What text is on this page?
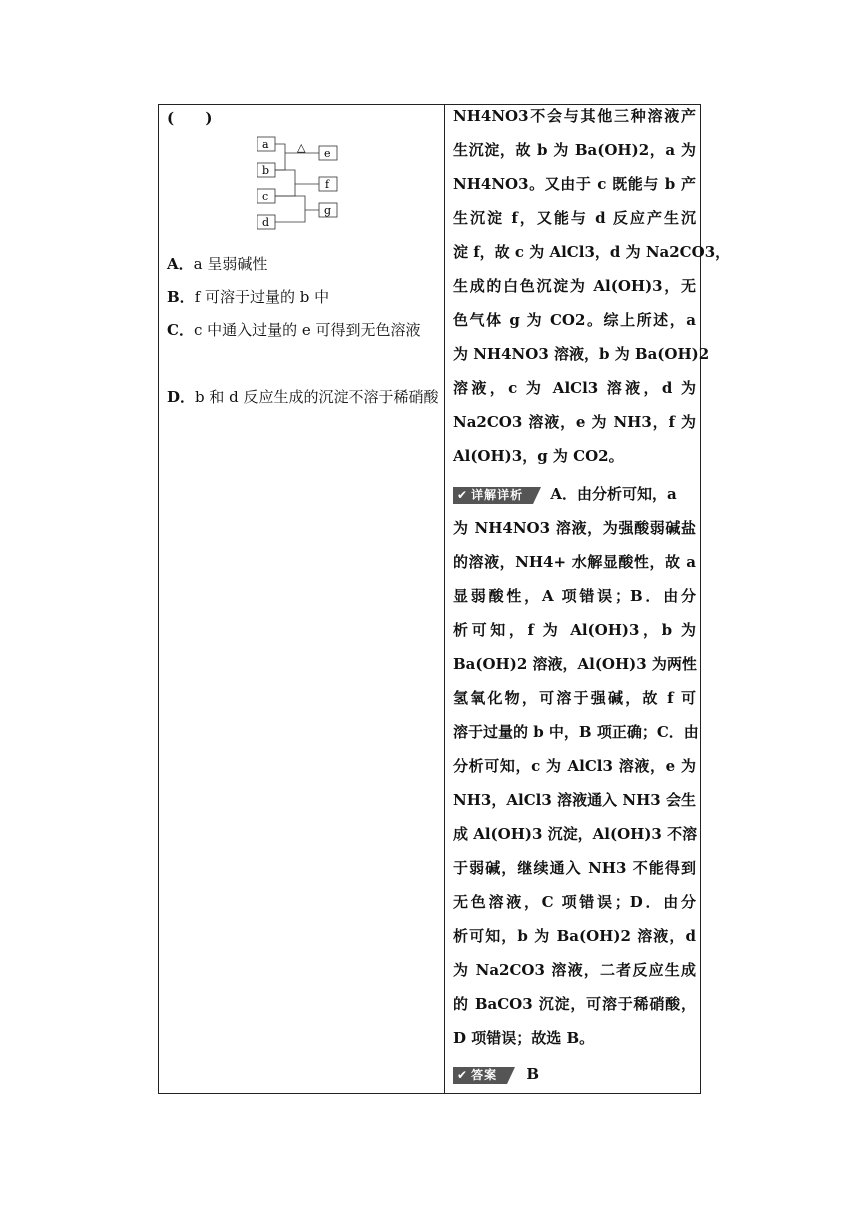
(      )
a
b
c
d
e
f
g
△
A．a 呈弱碱性
B．f 可溶于过量的 b 中
C．c 中通入过量的 e 可得到无色溶液
D．b 和 d 反应生成的沉淀不溶于稀硝酸
NH4NO3不会与其他三种溶液产
生沉淀，故 b 为 Ba(OH)2，a 为
NH4NO3。又由于 c 既能与 b 产
生沉淀 f，又能与 d 反应产生沉
淀 f，故 c 为 AlCl3，d 为 Na2CO3，
生成的白色沉淀为 Al(OH)3，无
色气体 g 为 CO2。综上所述，a
为 NH4NO3 溶液，b 为 Ba(OH)2
溶液，c 为 AlCl3 溶液，d 为
Na2CO3 溶液，e 为 NH3，f 为
Al(OH)3，g 为 CO2。
✔ 详解详析 A．由分析可知，a
为 NH4NO3 溶液，为强酸弱碱盐
的溶液，NH4+ 水解显酸性，故 a
显弱酸性，A 项错误；B．由分
析可知，f 为 Al(OH)3，b 为
Ba(OH)2 溶液，Al(OH)3 为两性
氢氧化物，可溶于强碱，故 f 可
溶于过量的 b 中，B 项正确；C．由
分析可知，c 为 AlCl3 溶液，e 为
NH3，AlCl3 溶液通入 NH3 会生
成 Al(OH)3 沉淀，Al(OH)3 不溶
于弱碱，继续通入 NH3 不能得到
无色溶液，C 项错误；D．由分
析可知，b 为 Ba(OH)2 溶液，d
为 Na2CO3 溶液，二者反应生成
的 BaCO3 沉淀，可溶于稀硝酸，
D 项错误；故选 B。
✔ 答案 B
